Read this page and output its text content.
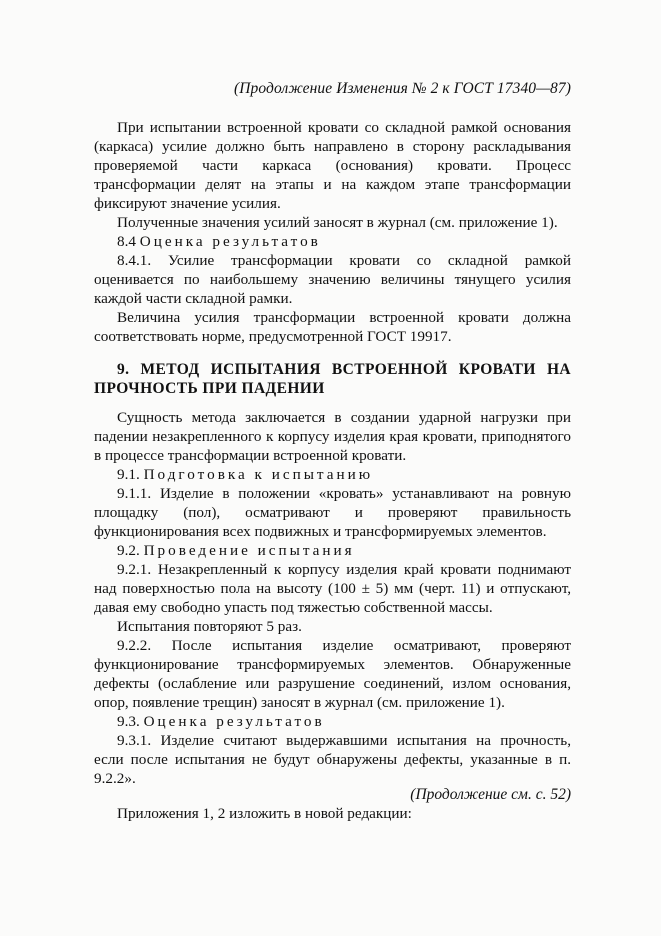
(Продолжение Изменения № 2 к ГОСТ 17340—87)

При испытании встроенной кровати со складной рамкой основания (каркаса) усилие должно быть направлено в сторону раскладывания проверяемой части каркаса (основания) кровати. Процесс трансформации делят на этапы и на каждом этапе трансформации фиксируют значение усилия.

Полученные значения усилий заносят в журнал (см. приложение 1).

8.4 Оценка результатов

8.4.1. Усилие трансформации кровати со складной рамкой оценивается по наибольшему значению величины тянущего усилия каждой части складной рамки.

Величина усилия трансформации встроенной кровати должна соответствовать норме, предусмотренной ГОСТ 19917.

9. МЕТОД ИСПЫТАНИЯ ВСТРОЕННОЙ КРОВАТИ НА ПРОЧНОСТЬ ПРИ ПАДЕНИИ

Сущность метода заключается в создании ударной нагрузки при падении незакрепленного к корпусу изделия края кровати, приподнятого в процессе трансформации встроенной кровати.

9.1. Подготовка к испытанию

9.1.1. Изделие в положении «кровать» устанавливают на ровную площадку (пол), осматривают и проверяют правильность функционирования всех подвижных и трансформируемых элементов.

9.2. Проведение испытания

9.2.1. Незакрепленный к корпусу изделия край кровати поднимают над поверхностью пола на высоту (100 ± 5) мм (черт. 11) и отпускают, давая ему свободно упасть под тяжестью собственной массы.

Испытания повторяют 5 раз.

9.2.2. После испытания изделие осматривают, проверяют функционирование трансформируемых элементов. Обнаруженные дефекты (ослабление или разрушение соединений, излом основания, опор, появление трещин) заносят в журнал (см. приложение 1).

9.3. Оценка результатов

9.3.1. Изделие считают выдержавшими испытания на прочность, если после испытания не будут обнаружены дефекты, указанные в п. 9.2.2».

Приложения 1, 2 изложить в новой редакции:

(Продолжение см. с. 52)
